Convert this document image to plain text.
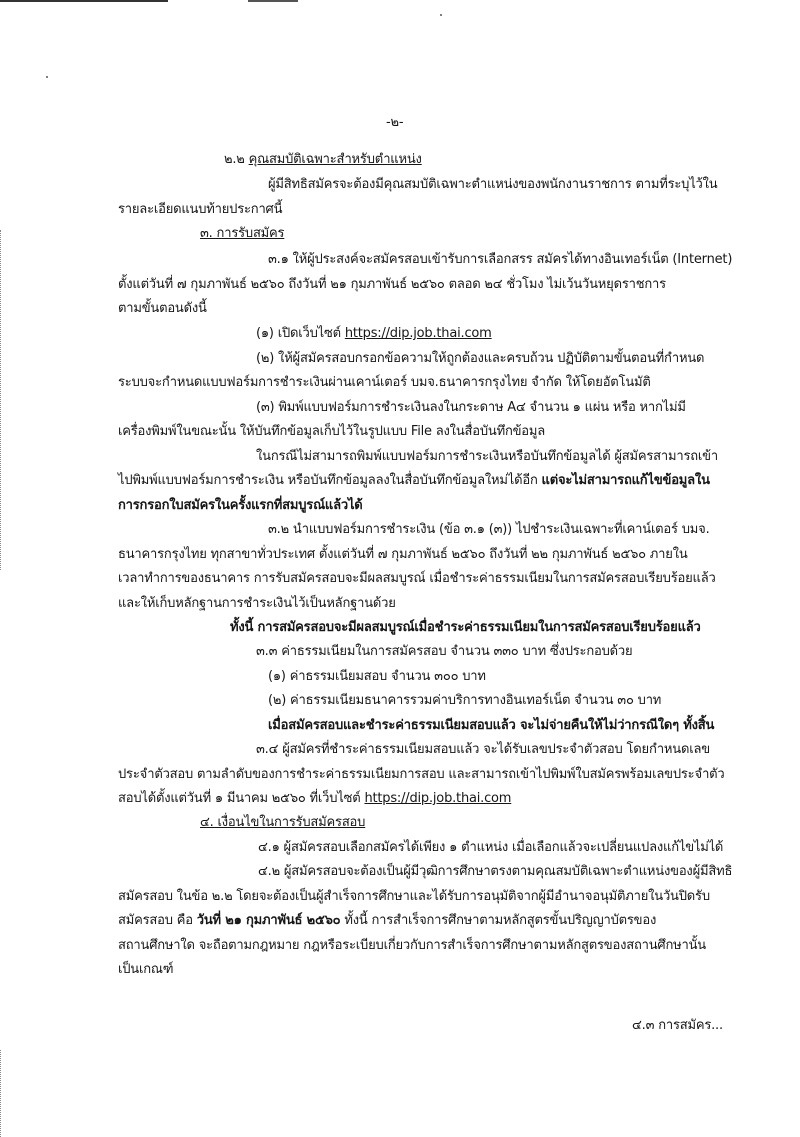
-๒-
๒.๒ คุณสมบัติเฉพาะสำหรับตำแหน่ง
ผู้มีสิทธิสมัครจะต้องมีคุณสมบัติเฉพาะตำแหน่งของพนักงานราชการ ตามที่ระบุไว้ใน
รายละเอียดแนบท้ายประกาศนี้
๓. การรับสมัคร
๓.๑ ให้ผู้ประสงค์จะสมัครสอบเข้ารับการเลือกสรร สมัครได้ทางอินเทอร์เน็ต (Internet)
ตั้งแต่วันที่ ๗ กุมภาพันธ์ ๒๕๖๐ ถึงวันที่ ๒๑ กุมภาพันธ์ ๒๕๖๐ ตลอด ๒๔ ชั่วโมง ไม่เว้นวันหยุดราชการ
ตามขั้นตอนดังนี้
(๑) เปิดเว็บไซต์ https://dip.job.thai.com
(๒) ให้ผู้สมัครสอบกรอกข้อความให้ถูกต้องและครบถ้วน ปฏิบัติตามขั้นตอนที่กำหนด
ระบบจะกำหนดแบบฟอร์มการชำระเงินผ่านเคาน์เตอร์ บมจ.ธนาคารกรุงไทย จำกัด ให้โดยอัตโนมัติ
(๓) พิมพ์แบบฟอร์มการชำระเงินลงในกระดาษ A๔ จำนวน ๑ แผ่น หรือ หากไม่มี
เครื่องพิมพ์ในขณะนั้น ให้บันทึกข้อมูลเก็บไว้ในรูปแบบ File ลงในสื่อบันทึกข้อมูล
ในกรณีไม่สามารถพิมพ์แบบฟอร์มการชำระเงินหรือบันทึกข้อมูลได้ ผู้สมัครสามารถเข้า
ไปพิมพ์แบบฟอร์มการชำระเงิน หรือบันทึกข้อมูลลงในสื่อบันทึกข้อมูลใหม่ได้อีก แต่จะไม่สามารถแก้ไขข้อมูลใน
การกรอกใบสมัครในครั้งแรกที่สมบูรณ์แล้วได้
๓.๒ นำแบบฟอร์มการชำระเงิน (ข้อ ๓.๑ (๓)) ไปชำระเงินเฉพาะที่เคาน์เตอร์ บมจ.
ธนาคารกรุงไทย ทุกสาขาทั่วประเทศ ตั้งแต่วันที่ ๗ กุมภาพันธ์ ๒๕๖๐ ถึงวันที่ ๒๒ กุมภาพันธ์ ๒๕๖๐ ภายใน
เวลาทำการของธนาคาร การรับสมัครสอบจะมีผลสมบูรณ์ เมื่อชำระค่าธรรมเนียมในการสมัครสอบเรียบร้อยแล้ว
และให้เก็บหลักฐานการชำระเงินไว้เป็นหลักฐานด้วย
ทั้งนี้ การสมัครสอบจะมีผลสมบูรณ์เมื่อชำระค่าธรรมเนียมในการสมัครสอบเรียบร้อยแล้ว
๓.๓ ค่าธรรมเนียมในการสมัครสอบ จำนวน ๓๓๐ บาท ซึ่งประกอบด้วย
(๑) ค่าธรรมเนียมสอบ จำนวน ๓๐๐ บาท
(๒) ค่าธรรมเนียมธนาคารรวมค่าบริการทางอินเทอร์เน็ต จำนวน ๓๐ บาท
เมื่อสมัครสอบและชำระค่าธรรมเนียมสอบแล้ว จะไม่จ่ายคืนให้ไม่ว่ากรณีใดๆ ทั้งสิ้น
๓.๔ ผู้สมัครที่ชำระค่าธรรมเนียมสอบแล้ว จะได้รับเลขประจำตัวสอบ โดยกำหนดเลข
ประจำตัวสอบ ตามลำดับของการชำระค่าธรรมเนียมการสอบ และสามารถเข้าไปพิมพ์ใบสมัครพร้อมเลขประจำตัว
สอบได้ตั้งแต่วันที่ ๑ มีนาคม ๒๕๖๐ ที่เว็บไซต์ https://dip.job.thai.com
๔. เงื่อนไขในการรับสมัครสอบ
๔.๑ ผู้สมัครสอบเลือกสมัครได้เพียง ๑ ตำแหน่ง เมื่อเลือกแล้วจะเปลี่ยนแปลงแก้ไขไม่ได้
๔.๒ ผู้สมัครสอบจะต้องเป็นผู้มีวุฒิการศึกษาตรงตามคุณสมบัติเฉพาะตำแหน่งของผู้มีสิทธิ
สมัครสอบ ในข้อ ๒.๒ โดยจะต้องเป็นผู้สำเร็จการศึกษาและได้รับการอนุมัติจากผู้มีอำนาจอนุมัติภายในวันปิดรับ
สมัครสอบ คือ วันที่ ๒๑ กุมภาพันธ์ ๒๕๖๐ ทั้งนี้ การสำเร็จการศึกษาตามหลักสูตรขั้นปริญญาบัตรของ
สถานศึกษาใด จะถือตามกฎหมาย กฎหรือระเบียบเกี่ยวกับการสำเร็จการศึกษาตามหลักสูตรของสถานศึกษานั้น
เป็นเกณฑ์
๔.๓ การสมัคร...
